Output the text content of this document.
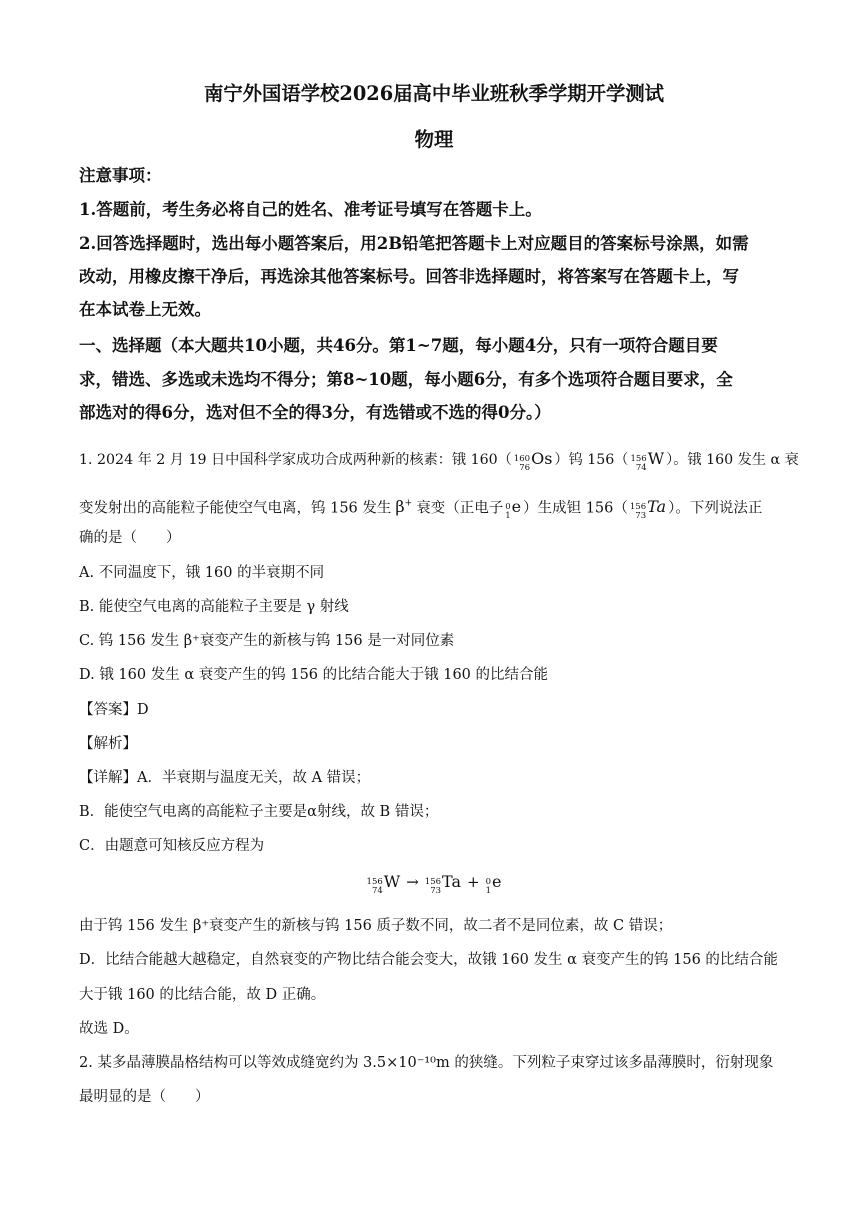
南宁外国语学校2026届高中毕业班秋季学期开学测试
物理
注意事项：
1.答题前，考生务必将自己的姓名、准考证号填写在答题卡上。
2.回答选择题时，选出每小题答案后，用2B铅笔把答题卡上对应题目的答案标号涂黑，如需
改动，用橡皮擦干净后，再选涂其他答案标号。回答非选择题时，将答案写在答题卡上，写
在本试卷上无效。
一、选择题（本大题共10小题，共46分。第1~7题，每小题4分，只有一项符合题目要
求，错选、多选或未选均不得分；第8~10题，每小题6分，有多个选项符合题目要求，全
部选对的得6分，选对但不全的得3分，有选错或不选的得0分。）
1. 2024 年 2 月 19 日中国科学家成功合成两种新的核素：锇 160（ 160
76 Os ）钨 156（ 156
74 W ）。锇 160 发生 α 衰
变发射出的高能粒子能使空气电离，钨 156 发生 β+ 衰变（正电子 0
1 e ）生成钽 156（ 156
73 Ta ）。下列说法正
确的是（　　）
A. 不同温度下，锇 160 的半衰期不同
B. 能使空气电离的高能粒子主要是 γ 射线
C. 钨 156 发生 β⁺衰变产生的新核与钨 156 是一对同位素
D. 锇 160 发生 α 衰变产生的钨 156 的比结合能大于锇 160 的比结合能
【答案】D
【解析】
【详解】A．半衰期与温度无关，故 A 错误；
B．能使空气电离的高能粒子主要是α射线，故 B 错误；
C．由题意可知核反应方程为
156
74 W → 156
73 Ta + 0
1 e
由于钨 156 发生 β⁺衰变产生的新核与钨 156 质子数不同，故二者不是同位素，故 C 错误；
D．比结合能越大越稳定，自然衰变的产物比结合能会变大，故锇 160 发生 α 衰变产生的钨 156 的比结合能
大于锇 160 的比结合能，故 D 正确。
故选 D。
2. 某多晶薄膜晶格结构可以等效成缝宽约为 3.5×10⁻¹⁰m 的狭缝。下列粒子束穿过该多晶薄膜时，衍射现象
最明显的是（　　）
